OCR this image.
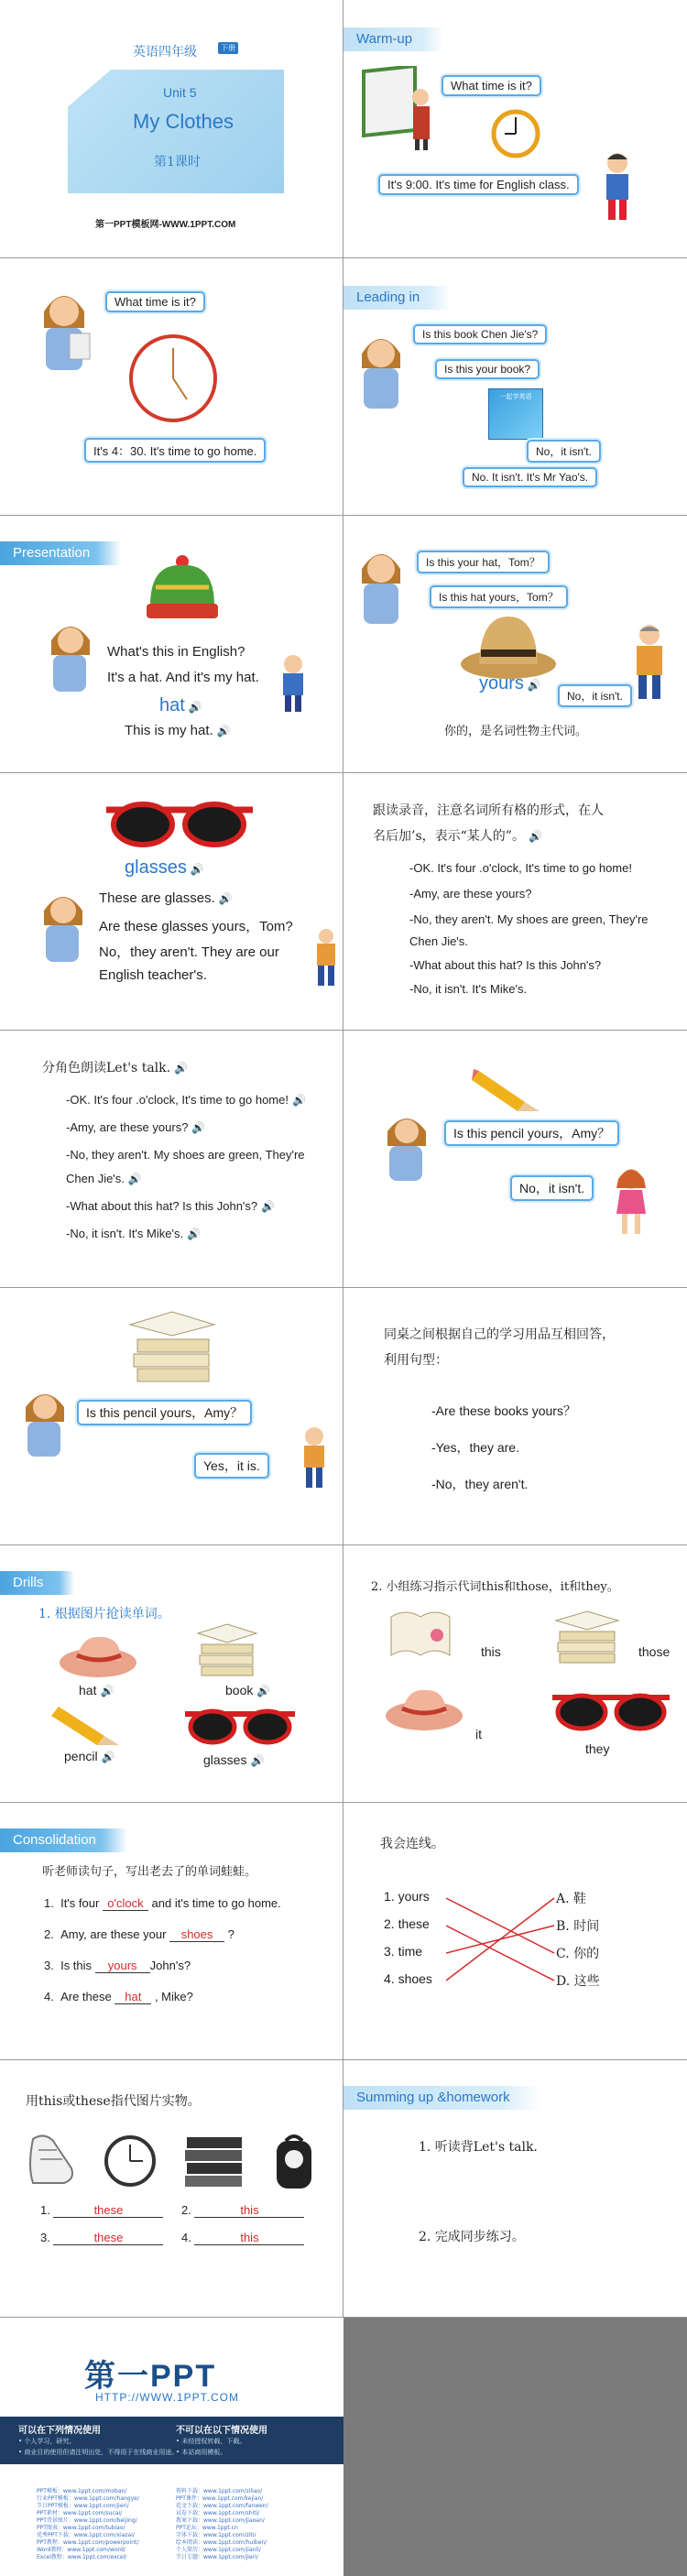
英语四年级	下册
Unit 5
My Clothes
第1课时
第一PPT模板网-WWW.1PPT.COM
Warm-up
What time is it?
It's 9:00. It's time for English class.
What time is it?
It's 4：30. It's time to go home.
Leading in
Is this book Chen Jie's?
Is this your book?
一起学英语
No，it isn't.
No. It isn't. It's Mr Yao's.
Presentation
What's this in English?
It's a hat. And it's my hat.
hat 🔊
This is my hat. 🔊
Is this your hat，Tom？
Is this hat yours，Tom？
No，it isn't.
yours 🔊
你的，是名词性物主代词。
glasses 🔊
These are glasses. 🔊
Are these glasses yours，Tom?
No，they aren't. They are our
English teacher's.
跟读录音，注意名词所有格的形式，在人
名后加’s，表示“某人的”。 🔊
-OK. It's four .o'clock, It's time to go home!
-Amy, are these yours?
-No, they aren't. My shoes are green, They're
Chen Jie's.
-What about this hat? Is this John's?
-No, it isn't. It's Mike's.
分角色朗读Let's talk. 🔊
-OK. It's four .o'clock, It's time to go home! 🔊
-Amy, are these yours? 🔊
-No, they aren't. My shoes are green, They're
Chen Jie's. 🔊
-What about this hat? Is this John's? 🔊
-No, it isn't. It's Mike's. 🔊
Is this pencil yours，Amy？
No，it isn't.
Is this pencil yours，Amy？
Yes，it is.
同桌之间根据自己的学习用品互相回答，
利用句型：
-Are these books yours？
-Yes，they are.
-No，they aren't.
Drills
1. 根据图片抢读单词。
hat 🔊	book 🔊
pencil 🔊	glasses 🔊
2. 小组练习指示代词this和those，it和they。
this	those
it
they
Consolidation
听老师读句子，写出老去了的单词蛙蛙。
1. It's four o'clock and it's time to go home.
2. Amy, are these your shoes ?
3. Is this yours John's?
4. Are these hat , Mike?
我会连线。
1. yours
2. these
3. time
4. shoes
A. 鞋
B. 时间
C. 你的
D. 这些
用this或these指代图片实物。
1.	these	2.	this
3.	these	4.	this
Summing up &homework
1. 听读背Let's talk.
2. 完成同步练习。
第一PPT
HTTP://WWW.1PPT.COM
可以在下列情况使用
• 个人学习，研究。
• 商业目的使用但请注明出处，不得用于在线商业用途。
不可以在以下情况使用
• 未经授权转载、下载。
• 本站商用模板。
PPT模板：www.1ppt.com/moban/
行业PPT模板：www.1ppt.com/hangye/
节日PPT模板：www.1ppt.com/jieri/
PPT素材：www.1ppt.com/sucai/
PPT背景图片：www.1ppt.com/beijing/
PPT图表：www.1ppt.com/tubiao/
优秀PPT下载：www.1ppt.com/xiazai/
PPT教程：www.1ppt.com/powerpoint/
Word教程：www.1ppt.com/word/
Excel教程：www.1ppt.com/excel/
资料下载：www.1ppt.com/ziliao/
PPT课件：www.1ppt.com/kejian/
范文下载：www.1ppt.com/fanwen/
试卷下载：www.1ppt.com/shiti/
教案下载：www.1ppt.com/jiaoan/
PPT论坛：www.1ppt.cn
字体下载：www.1ppt.com/ziti/
绘本阅读：www.1ppt.com/huiben/
个人简历：www.1ppt.com/jianli/
节日专题：www.1ppt.com/jieri/
